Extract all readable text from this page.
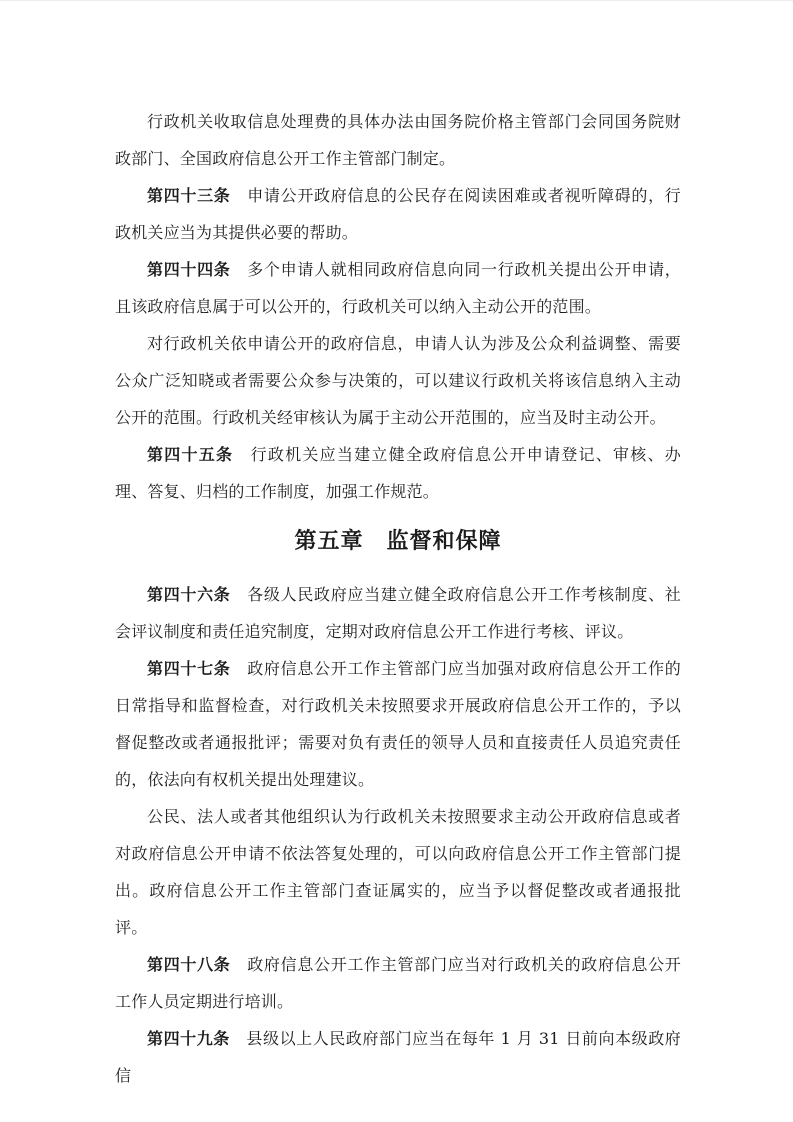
行政机关收取信息处理费的具体办法由国务院价格主管部门会同国务院财政部门、全国政府信息公开工作主管部门制定。

第四十三条　申请公开政府信息的公民存在阅读困难或者视听障碍的，行政机关应当为其提供必要的帮助。

第四十四条　多个申请人就相同政府信息向同一行政机关提出公开申请，且该政府信息属于可以公开的，行政机关可以纳入主动公开的范围。

对行政机关依申请公开的政府信息，申请人认为涉及公众利益调整、需要公众广泛知晓或者需要公众参与决策的，可以建议行政机关将该信息纳入主动公开的范围。行政机关经审核认为属于主动公开范围的，应当及时主动公开。

第四十五条　行政机关应当建立健全政府信息公开申请登记、审核、办理、答复、归档的工作制度，加强工作规范。

第五章　监督和保障

第四十六条　各级人民政府应当建立健全政府信息公开工作考核制度、社会评议制度和责任追究制度，定期对政府信息公开工作进行考核、评议。

第四十七条　政府信息公开工作主管部门应当加强对政府信息公开工作的日常指导和监督检查，对行政机关未按照要求开展政府信息公开工作的，予以督促整改或者通报批评；需要对负有责任的领导人员和直接责任人员追究责任的，依法向有权机关提出处理建议。

公民、法人或者其他组织认为行政机关未按照要求主动公开政府信息或者对政府信息公开申请不依法答复处理的，可以向政府信息公开工作主管部门提出。政府信息公开工作主管部门查证属实的，应当予以督促整改或者通报批评。

第四十八条　政府信息公开工作主管部门应当对行政机关的政府信息公开工作人员定期进行培训。

第四十九条　县级以上人民政府部门应当在每年 1 月 31 日前向本级政府信
